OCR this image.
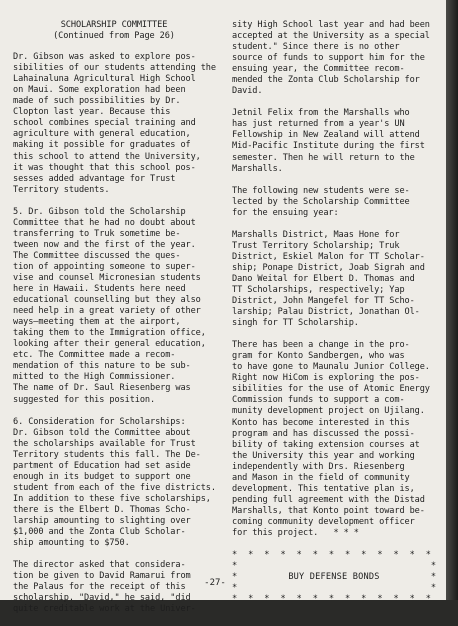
SCHOLARSHIP COMMITTEE
(Continued from Page 26)
Dr. Gibson was asked to explore pos-
sibilities of our students attending the
Lahainaluna Agricultural High School
on Maui. Some exploration had been
made of such possibilities by Dr.
Clopton last year. Because this
school combines special training and
agriculture with general education,
making it possible for graduates of
this school to attend the University,
it was thought that this school pos-
sesses added advantage for Trust
Territory students.
5. Dr. Gibson told the Scholarship
Committee that he had no doubt about
transferring to Truk sometime be-
tween now and the first of the year.
The Committee discussed the ques-
tion of appointing someone to super-
vise and counsel Micronesian students
here in Hawaii. Students here need
educational counselling but they also
need help in a great variety of other
ways—meeting them at the airport,
taking them to the Immigration office,
looking after their general education,
etc. The Committee made a recom-
mendation of this nature to be sub-
mitted to the High Commissioner.
The name of Dr. Saul Riesenberg was
suggested for this position.
6. Consideration for Scholarships:
Dr. Gibson told the Committee about
the scholarships available for Trust
Territory students this fall. The De-
partment of Education had set aside
enough in its budget to support one
student from each of the five districts.
In addition to these five scholarships,
there is the Elbert D. Thomas Scho-
larship amounting to slighting over
$1,000 and the Zonta Club Scholar-
ship amounting to $750.
The director asked that considera-
tion be given to David Ramarui from
the Palaus for the receipt of this
scholarship. "David," he said, "did
quite creditable work at the Univer-
sity High School last year and had been
accepted at the University as a special
student." Since there is no other
source of funds to support him for the
ensuing year, the Committee recom-
mended the Zonta Club Scholarship for
David.
Jetnil Felix from the Marshalls who
has just returned from a year's UN
Fellowship in New Zealand will attend
Mid-Pacific Institute during the first
semester. Then he will return to the
Marshalls.
The following new students were se-
lected by the Scholarship Committee
for the ensuing year:
Marshalls District, Maas Hone for
Trust Territory Scholarship; Truk
District, Eskiel Malon for TT Scholar-
ship; Ponape District, Joab Sigrah and
Dano Weital for Elbert D. Thomas and
TT Scholarships, respectively; Yap
District, John Mangefel for TT Scho-
larship; Palau District, Jonathan Ol-
singh for TT Scholarship.
There has been a change in the pro-
gram for Konto Sandbergen, who was
to have gone to Maunalu Junior College.
Right now HiCom is exploring the pos-
sibilities for the use of Atomic Energy
Commission funds to support a com-
munity development project on Ujilang.
Konto has become interested in this
program and has discussed the possi-
bility of taking extension courses at
the University this year and working
independently with Drs. Riesenberg
and Mason in the field of community
development. This tentative plan is,
pending full agreement with the Distad
Marshalls, that Konto point toward be-
coming community development officer
for this project.   * * *
* * * * * * * * * * * * *
*	*
*	BUY DEFENSE BONDS	*
*	*
* * * * * * * * * * * * *
-27-
